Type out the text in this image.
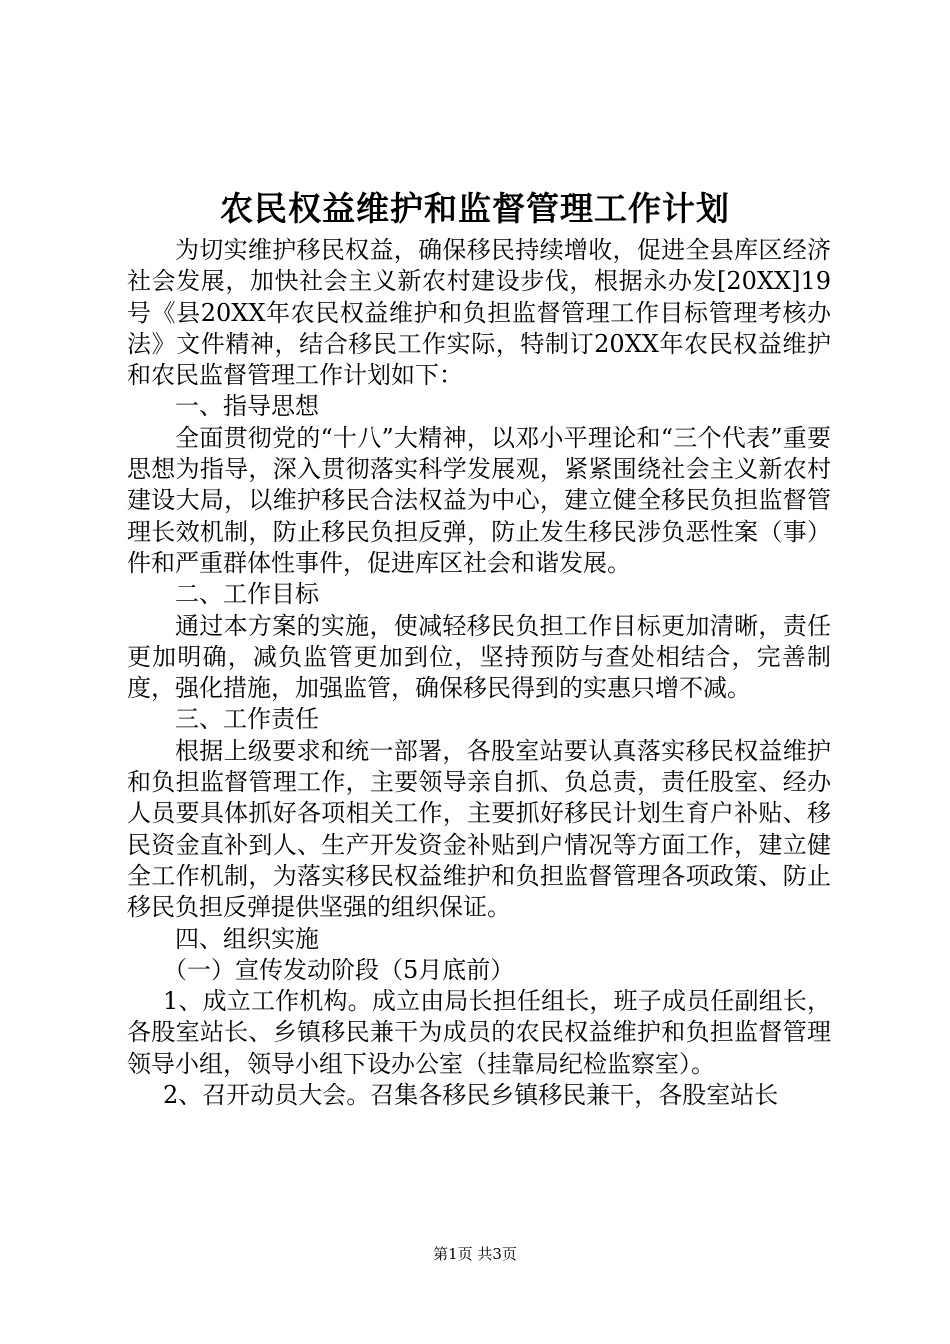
农民权益维护和监督管理工作计划

为切实维护移民权益，确保移民持续增收，促进全县库区经济社会发展，加快社会主义新农村建设步伐，根据永办发[20XX]19号《县20XX年农民权益维护和负担监督管理工作目标管理考核办法》文件精神，结合移民工作实际，特制订20XX年农民权益维护和农民监督管理工作计划如下：

一、指导思想

全面贯彻党的“十八”大精神，以邓小平理论和“三个代表”重要思想为指导，深入贯彻落实科学发展观，紧紧围绕社会主义新农村建设大局，以维护移民合法权益为中心，建立健全移民负担监督管理长效机制，防止移民负担反弹，防止发生移民涉负恶性案（事）件和严重群体性事件，促进库区社会和谐发展。

二、工作目标

通过本方案的实施，使减轻移民负担工作目标更加清晰，责任更加明确，减负监管更加到位，坚持预防与查处相结合，完善制度，强化措施，加强监管，确保移民得到的实惠只增不减。

三、工作责任

根据上级要求和统一部署，各股室站要认真落实移民权益维护和负担监督管理工作，主要领导亲自抓、负总责，责任股室、经办人员要具体抓好各项相关工作，主要抓好移民计划生育户补贴、移民资金直补到人、生产开发资金补贴到户情况等方面工作，建立健全工作机制，为落实移民权益维护和负担监督管理各项政策、防止移民负担反弹提供坚强的组织保证。

四、组织实施

（一）宣传发动阶段（5月底前）

1、成立工作机构。成立由局长担任组长，班子成员任副组长，各股室站长、乡镇移民兼干为成员的农民权益维护和负担监督管理领导小组，领导小组下设办公室（挂靠局纪检监察室）。

2、召开动员大会。召集各移民乡镇移民兼干，各股室站长

第1页 共3页
